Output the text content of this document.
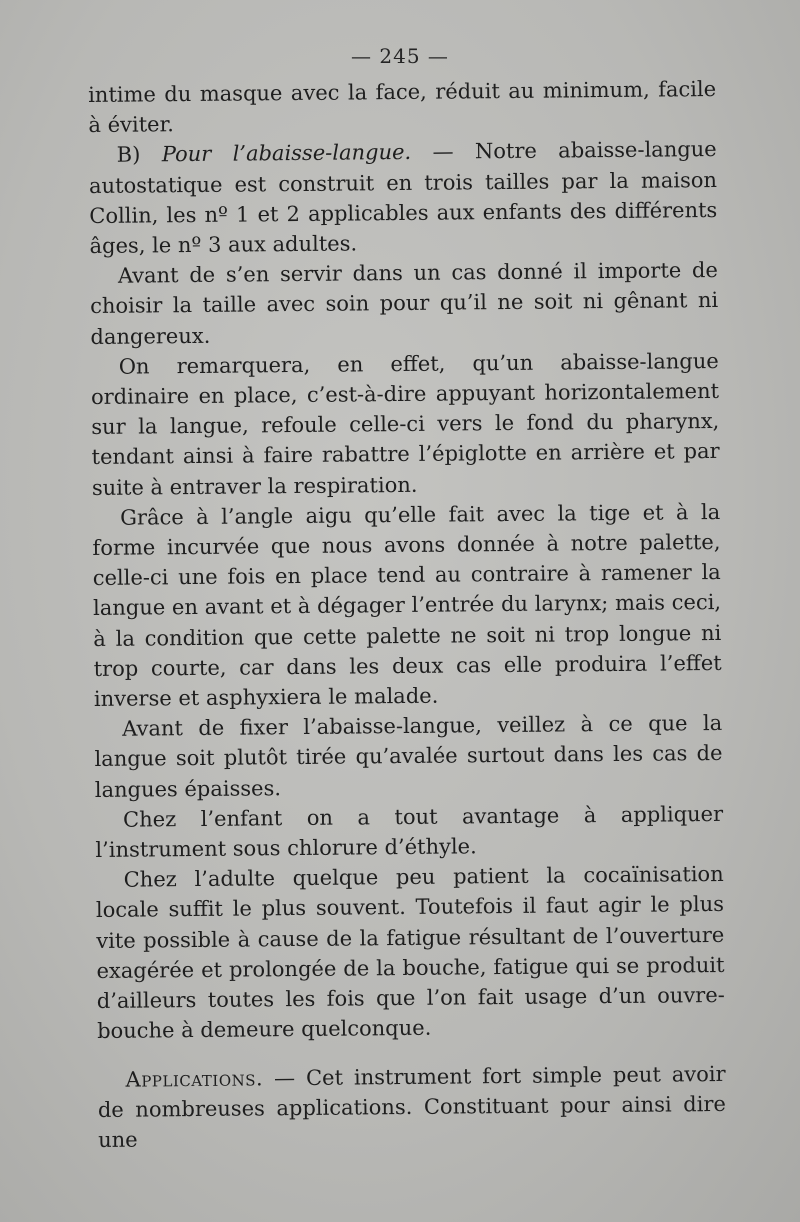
— 245 —

intime du masque avec la face, réduit au minimum, facile à éviter.

B) Pour l’abaisse-langue. — Notre abaisse-langue autostatique est construit en trois tailles par la maison Collin, les nº 1 et 2 applicables aux enfants des différents âges, le nº 3 aux adultes.

Avant de s’en servir dans un cas donné il importe de choisir la taille avec soin pour qu’il ne soit ni gênant ni dangereux.

On remarquera, en effet, qu’un abaisse-langue ordinaire en place, c’est-à-dire appuyant horizontalement sur la langue, refoule celle-ci vers le fond du pharynx, tendant ainsi à faire rabattre l’épiglotte en arrière et par suite à entraver la respiration.

Grâce à l’angle aigu qu’elle fait avec la tige et à la forme incurvée que nous avons donnée à notre palette, celle-ci une fois en place tend au contraire à ramener la langue en avant et à dégager l’entrée du larynx; mais ceci, à la condition que cette palette ne soit ni trop longue ni trop courte, car dans les deux cas elle produira l’effet inverse et asphyxiera le malade.

Avant de fixer l’abaisse-langue, veillez à ce que la langue soit plutôt tirée qu’avalée surtout dans les cas de langues épaisses.

Chez l’enfant on a tout avantage à appliquer l’instrument sous chlorure d’éthyle.

Chez l’adulte quelque peu patient la cocaïnisation locale suffit le plus souvent. Toutefois il faut agir le plus vite possible à cause de la fatigue résultant de l’ouverture exagérée et prolongée de la bouche, fatigue qui se produit d’ailleurs toutes les fois que l’on fait usage d’un ouvre-bouche à demeure quelconque.

Applications. — Cet instrument fort simple peut avoir de nombreuses applications. Constituant pour ainsi dire une
